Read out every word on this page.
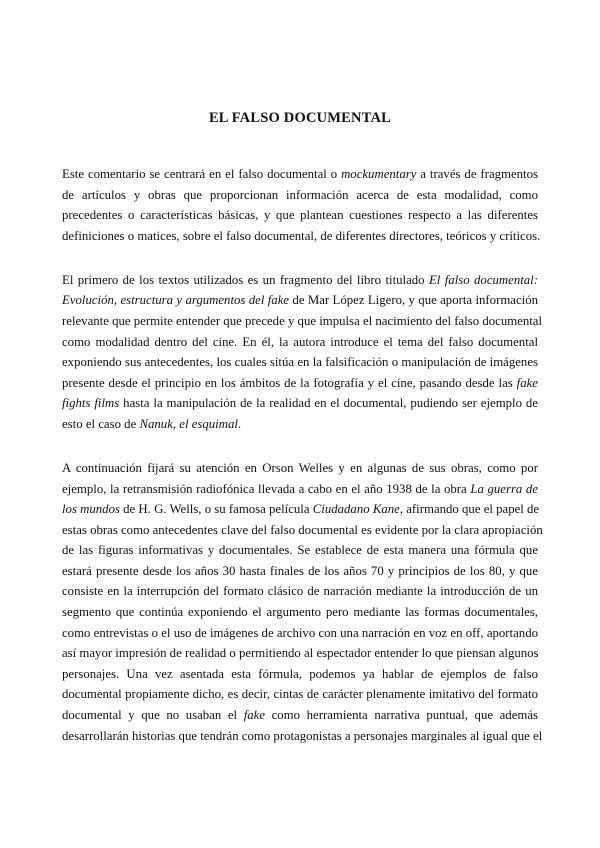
EL FALSO DOCUMENTAL
Este comentario se centrará en el falso documental o mockumentary a través de fragmentos
de artículos y obras que proporcionan información acerca de esta modalidad, como
precedentes o características básicas, y que plantean cuestiones respecto a las diferentes
definiciones o matices, sobre el falso documental, de diferentes directores, teóricos y críticos.
El primero de los textos utilizados es un fragmento del libro titulado El falso documental:
Evolución, estructura y argumentos del fake de Mar López Ligero, y que aporta información
relevante que permite entender que precede y que impulsa el nacimiento del falso documental
como modalidad dentro del cine. En él, la autora introduce el tema del falso documental
exponiendo sus antecedentes, los cuales sitúa en la falsificación o manipulación de imágenes
presente desde el principio en los ámbitos de la fotografía y el cine, pasando desde las fake
fights films hasta la manipulación de la realidad en el documental, pudiendo ser ejemplo de
esto el caso de Nanuk, el esquimal.
A continuación fijará su atención en Orson Welles y en algunas de sus obras, como por
ejemplo, la retransmisión radiofónica llevada a cabo en el año 1938 de la obra La guerra de
los mundos de H. G. Wells, o su famosa película Ciudadano Kane, afirmando que el papel de
estas obras como antecedentes clave del falso documental es evidente por la clara apropiación
de las figuras informativas y documentales. Se establece de esta manera una fórmula que
estará presente desde los años 30 hasta finales de los años 70 y principios de los 80, y que
consiste en la interrupción del formato clásico de narración mediante la introducción de un
segmento que continúa exponiendo el argumento pero mediante las formas documentales,
como entrevistas o el uso de imágenes de archivo con una narración en voz en off, aportando
así mayor impresión de realidad o permitiendo al espectador entender lo que piensan algunos
personajes. Una vez asentada esta fórmula, podemos ya hablar de ejemplos de falso
documental propiamente dicho, es decir, cintas de carácter plenamente imitativo del formato
documental y que no usaban el fake como herramienta narrativa puntual, que además
desarrollarán historias que tendrán como protagonistas a personajes marginales al igual que el
